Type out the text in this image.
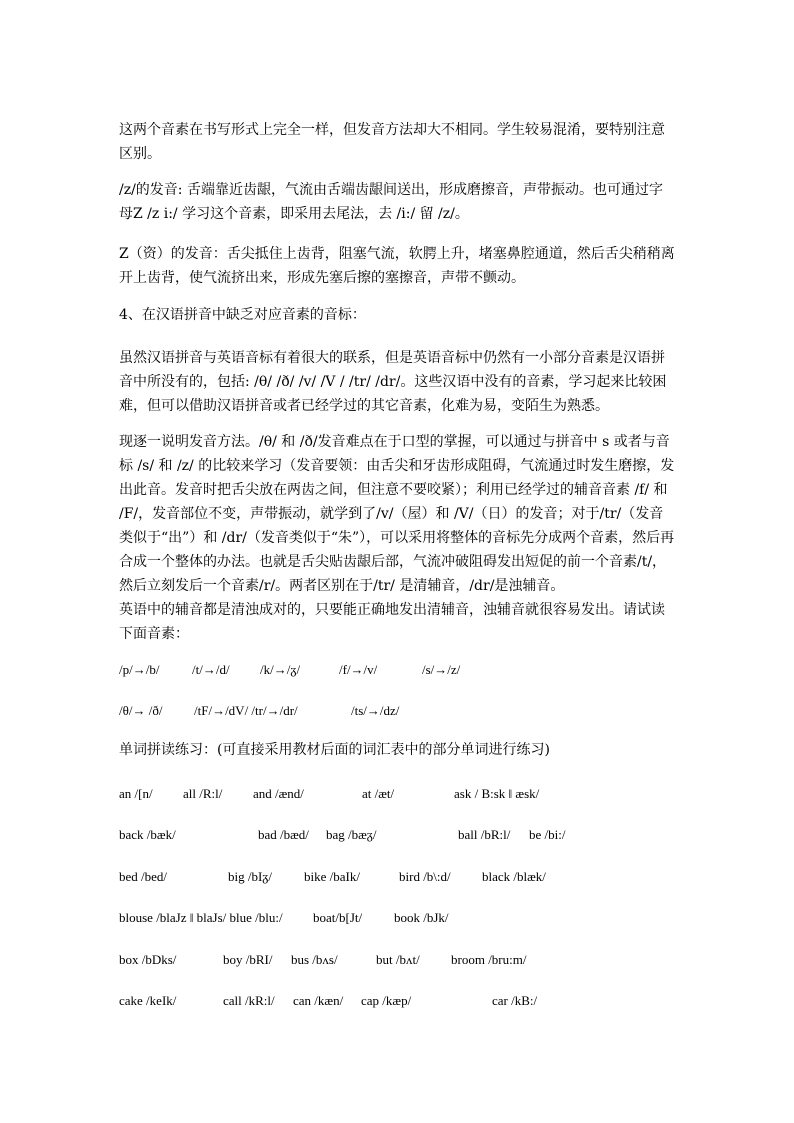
这两个音素在书写形式上完全一样，但发音方法却大不相同。学生较易混淆，要特别注意区别。

/z/的发音: 舌端靠近齿龈，气流由舌端齿龈间送出，形成磨擦音，声带振动。也可通过字母Z /z i:/ 学习这个音素，即采用去尾法，去 /i:/ 留 /z/。

Z（资）的发音：舌尖抵住上齿背，阻塞气流，软腭上升，堵塞鼻腔通道，然后舌尖稍稍离开上齿背，使气流挤出来，形成先塞后擦的塞擦音，声带不颤动。

4、在汉语拼音中缺乏对应音素的音标：

虽然汉语拼音与英语音标有着很大的联系，但是英语音标中仍然有一小部分音素是汉语拼音中所没有的，包括: /θ/ /ð/ /v/ /V / /tr/ /dr/。这些汉语中没有的音素，学习起来比较困难，但可以借助汉语拼音或者已经学过的其它音素，化难为易，变陌生为熟悉。

现逐一说明发音方法。/θ/ 和 /ð/发音难点在于口型的掌握，可以通过与拼音中 s 或者与音标 /s/ 和 /z/ 的比较来学习（发音要领：由舌尖和牙齿形成阻碍，气流通过时发生磨擦，发出此音。发音时把舌尖放在两齿之间，但注意不要咬紧）；利用已经学过的辅音音素 /f/ 和 /F/，发音部位不变，声带振动，就学到了/v/（屋）和 /V/（日）的发音；对于/tr/（发音类似于“出”）和 /dr/（发音类似于“朱”），可以采用将整体的音标先分成两个音素，然后再合成一个整体的办法。也就是舌尖贴齿龈后部，气流冲破阻碍发出短促的前一个音素/t/，然后立刻发后一个音素/r/。两者区别在于/tr/ 是清辅音，/dr/是浊辅音。

英语中的辅音都是清浊成对的，只要能正确地发出清辅音，浊辅音就很容易发出。请试读下面音素：

/p/→/b/	/t/→/d/ /k/→/ᵹ/	/f/→/v/	/s/→/z/
/θ/→ /ð/ /tF/→/dV/ /tr/→/dr/	/ts/→/dz/

单词拼读练习：(可直接采用教材后面的词汇表中的部分单词进行练习)

an /[n/ all /R:l/ and /ænd/	at /æt/	ask / B:sk ‖ æsk/
back /bæk/	bad /bæd/ bag /bæᵹ/	ball /bR:l/ be /bi:/
bed /bed/	big /bIᵹ/ bike /baIk/	bird /b\:d/ black /blæk/
blouse /blaJz ‖ blaJs/ blue /blu:/ boat/b[Jt/ book /bJk/
box /bDks/	boy /bRI/ bus /bʌs/	but /bʌt/ broom /bru:m/
cake /keIk/	call /kR:l/ can /kæn/ cap /kæp/	car /kB:/
